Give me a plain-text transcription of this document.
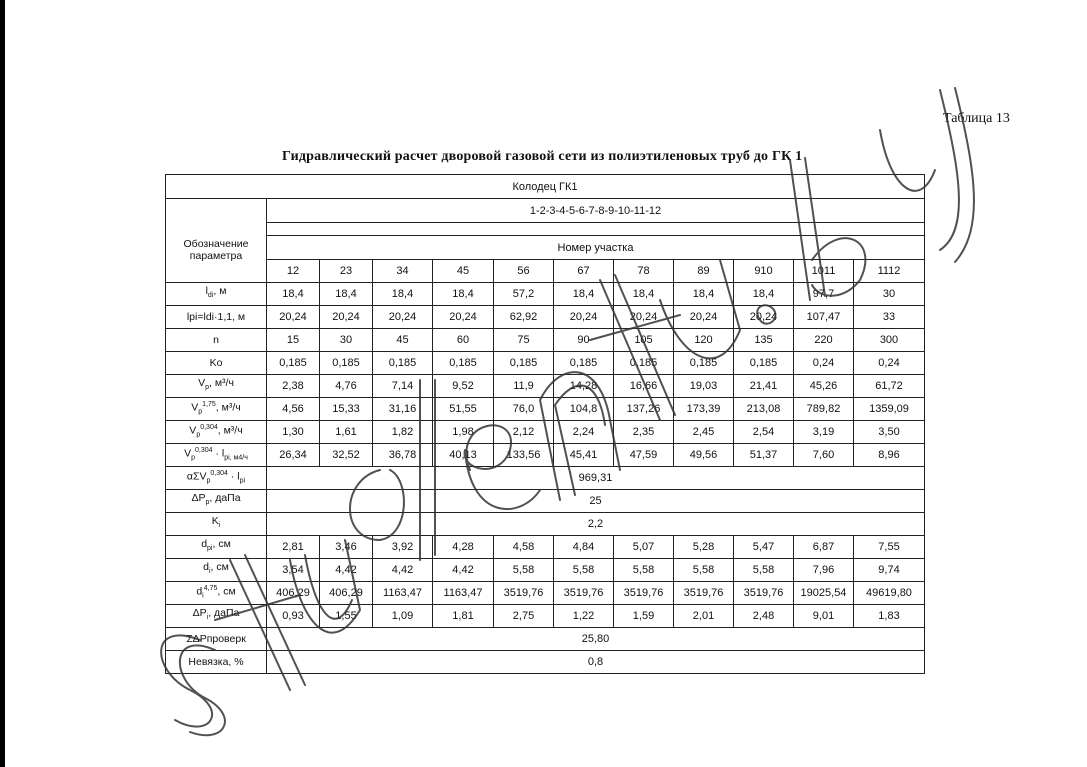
Таблица 13
Гидравлический расчет дворовой газовой сети из полиэтиленовых труб до ГК 1
Колодец ГК1											
Обозначение параметра	1-2-3-4-5-6-7-8-9-10-11-12										

	Номер участка										
	12	23	34	45	56	67	78	89	910	1011	1112
$l_{di}$, м	18,4	18,4	18,4	18,4	57,2	18,4	18,4	18,4	18,4	97,7	30
lpi=ldi·1,1, м	20,24	20,24	20,24	20,24	62,92	20,24	20,24	20,24	20,24	107,47	33
n	15	30	45	60	75	90	105	120	135	220	300
Ko	0,185	0,185	0,185	0,185	0,185	0,185	0,185	0,185	0,185	0,24	0,24
$V_p$, м³/ч	2,38	4,76	7,14	9,52	11,9	14,28	16,66	19,03	21,41	45,26	61,72
$V_p^{1,75}$, м³/ч	4,56	15,33	31,16	51,55	76,0	104,8	137,26	173,39	213,08	789,82	1359,09
$V_p^{0,304}$, м³/ч	1,30	1,61	1,82	1,98	2,12	2,24	2,35	2,45	2,54	3,19	3,50
$V_p^{0,304} \cdot l_{pi, м4/ч}$	26,34	32,52	36,78	40,13	133,56	45,41	47,59	49,56	51,37	7,60	8,96
$\alpha\Sigma V_p^{0,304} \cdot l_{pi}$	969,31										
$\Delta P_p$, даПа	25										
$K_i$	2,2										
$d_{pi}$, см	2,81	3,46	3,92	4,28	4,58	4,84	5,07	5,28	5,47	6,87	7,55
$d_i$, см	3,54	4,42	4,42	4,42	5,58	5,58	5,58	5,58	5,58	7,96	9,74
$d_i^{4,75}$, см	406,29	406,29	1163,47	1163,47	3519,76	3519,76	3519,76	3519,76	3519,76	19025,54	49619,80
$\Delta P_i$, даПа	0,93	1,55	1,09	1,81	2,75	1,22	1,59	2,01	2,48	9,01	1,83
ΣΔPпроверк	25,80										
Невязка, %	0,8										
